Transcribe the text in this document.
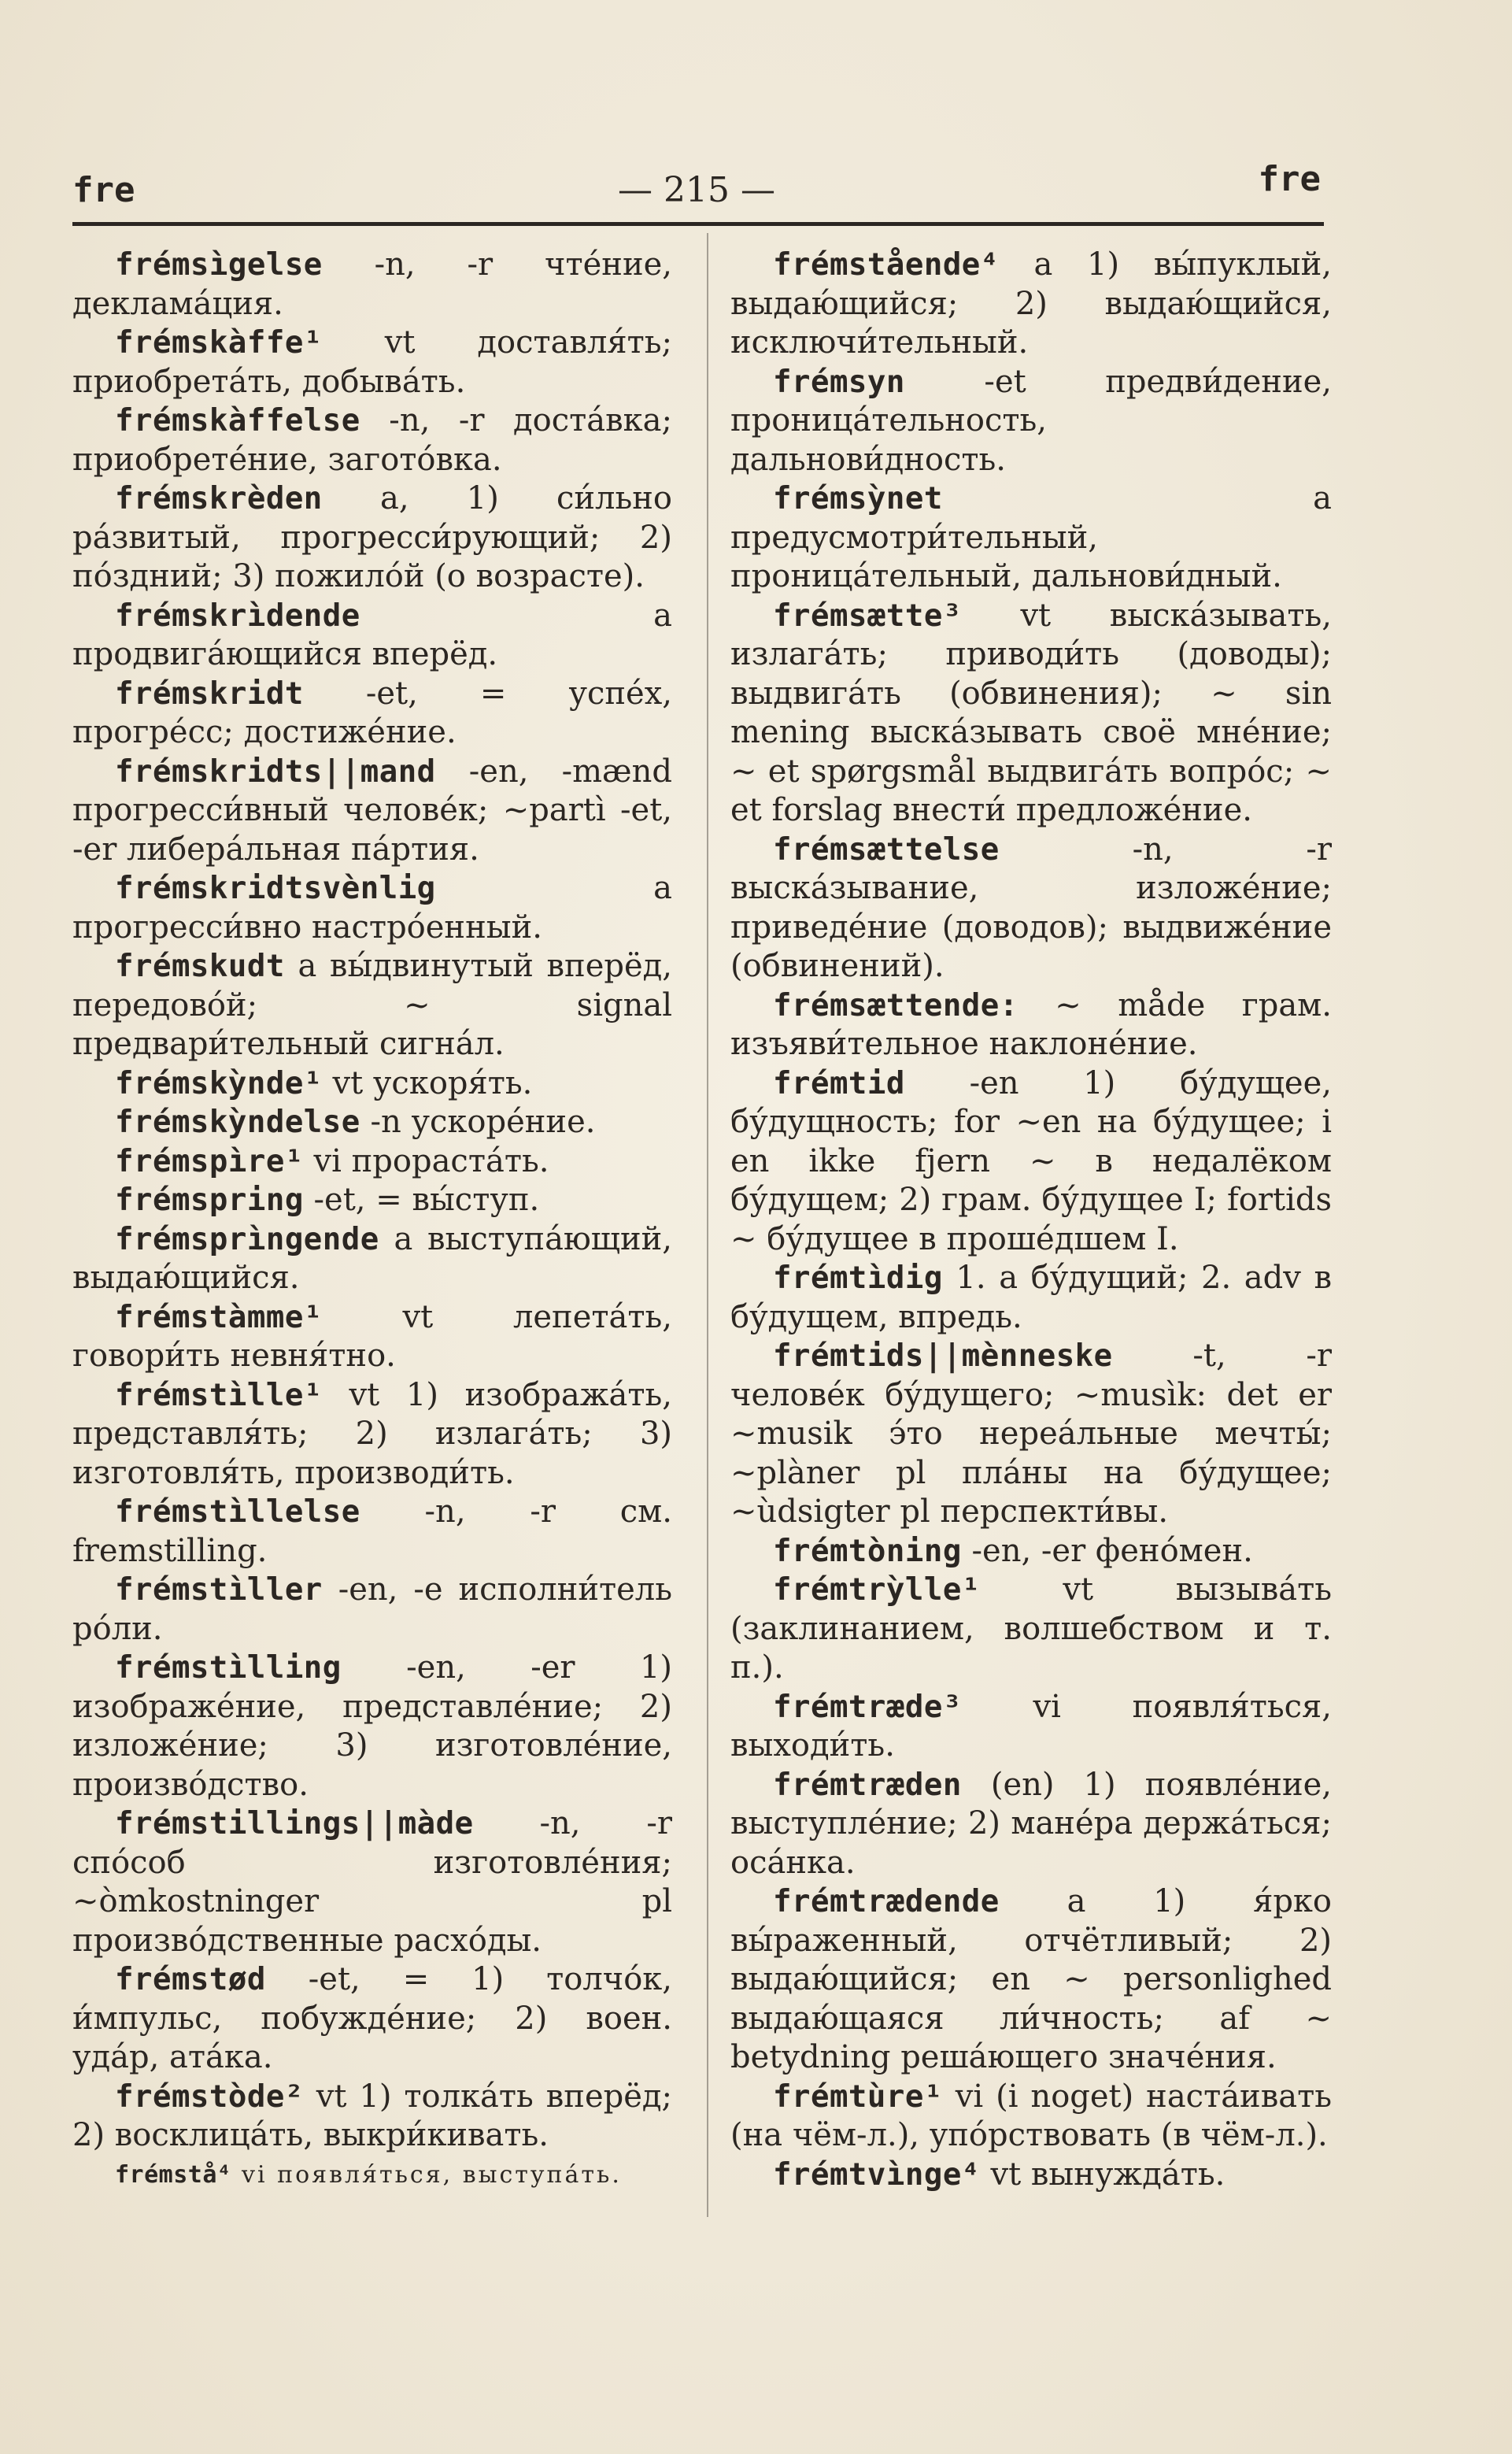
fre	— 215 —	fre

frémsìgelse -n, -r чте́ние, деклама́ция.

frémskàffe¹ vt доставля́ть; приобрета́ть, добыва́ть.

frémskàffelse -n, -r доста́вка; приобрете́ние, загото́вка.

frémskrèden a, 1) си́льно ра́звитый, прогресси́рующий; 2) по́здний; 3) пожило́й (о возрасте).

frémskrìdende a продвига́ющийся вперёд.

frémskridt -et, = успе́х, прогре́сс; достиже́ние.

frémskridts||mand -en, -mænd прогресси́вный челове́к; ~partì -et, -er либера́льная па́ртия.

frémskridtsvènlig a прогресси́вно настро́енный.

frémskudt a вы́двинутый вперёд, передово́й; ~ signal предвари́тельный сигна́л.

frémskỳnde¹ vt ускоря́ть.

frémskỳndelse -n ускоре́ние.

frémspìre¹ vi прораста́ть.

frémspring -et, = вы́ступ.

frémsprìngende a выступа́ющий, выдаю́щийся.

frémstàmme¹ vt лепета́ть, говори́ть невня́тно.

frémstìlle¹ vt 1) изобража́ть, представля́ть; 2) излага́ть; 3) изготовля́ть, производи́ть.

frémstìllelse -n, -r см. fremstilling.

frémstìller -en, -e исполни́тель ро́ли.

frémstìlling -en, -er 1) изображе́ние, представле́ние; 2) изложе́ние; 3) изготовле́ние, произво́дство.

frémstillings||màde -n, -r спо́соб изготовле́ния; ~òmkostninger pl произво́дственные расхо́ды.

frémstød -et, = 1) толчо́к, и́мпульс, побужде́ние; 2) воен. уда́р, ата́ка.

frémstòde² vt 1) толка́ть вперёд; 2) восклица́ть, выкри́кивать.

frémstå⁴ vi появля́ться, выступа́ть.

frémstående⁴ a 1) вы́пуклый, выдаю́щийся; 2) выдаю́щийся, исключи́тельный.

frémsyn -et предви́дение, проница́тельность, дальнови́дность.

frémsỳnet a предусмотри́тельный, проница́тельный, дальнови́дный.

frémsætte³ vt выска́зывать, излага́ть; приводи́ть (доводы); выдвига́ть (обвинения); ~ sin mening выска́зывать своё мне́ние; ~ et spørgsmål выдвига́ть вопро́с; ~ et forslag внести́ предложе́ние.

frémsættelse -n, -r выска́зывание, изложе́ние; приведе́ние (доводов); выдвиже́ние (обвинений).

frémsættende: ~ måde грам. изъяви́тельное наклоне́ние.

frémtid -en 1) бу́дущее, бу́дущность; for ~en на бу́дущее; i en ikke fjern ~ в недалёком бу́дущем; 2) грам. бу́дущее I; fortids ~ бу́дущее в проше́дшем I.

frémtìdig 1. a бу́дущий; 2. adv в бу́дущем, впредь.

frémtids||mènneske -t, -r челове́к бу́дущего; ~musìk: det er ~musik э́то нереа́льные мечты́; ~plàner pl пла́ны на бу́дущее; ~ùdsigter pl перспекти́вы.

frémtòning -en, -er фено́мен.

frémtrỳlle¹ vt вызыва́ть (заклинанием, волшебством и т. п.).

frémtræde³ vi появля́ться, выходи́ть.

frémtræden (en) 1) появле́ние, выступле́ние; 2) мане́ра держа́ться; оса́нка.

frémtrædende a 1) я́рко вы́раженный, отчётливый; 2) выдаю́щийся; en ~ personlighed выдаю́щаяся ли́чность; af ~ betydning реша́ющего значе́ния.

frémtùre¹ vi (i noget) наста́ивать (на чём-л.), упо́рствовать (в чём-л.).

frémtvìnge⁴ vt вынужда́ть.
